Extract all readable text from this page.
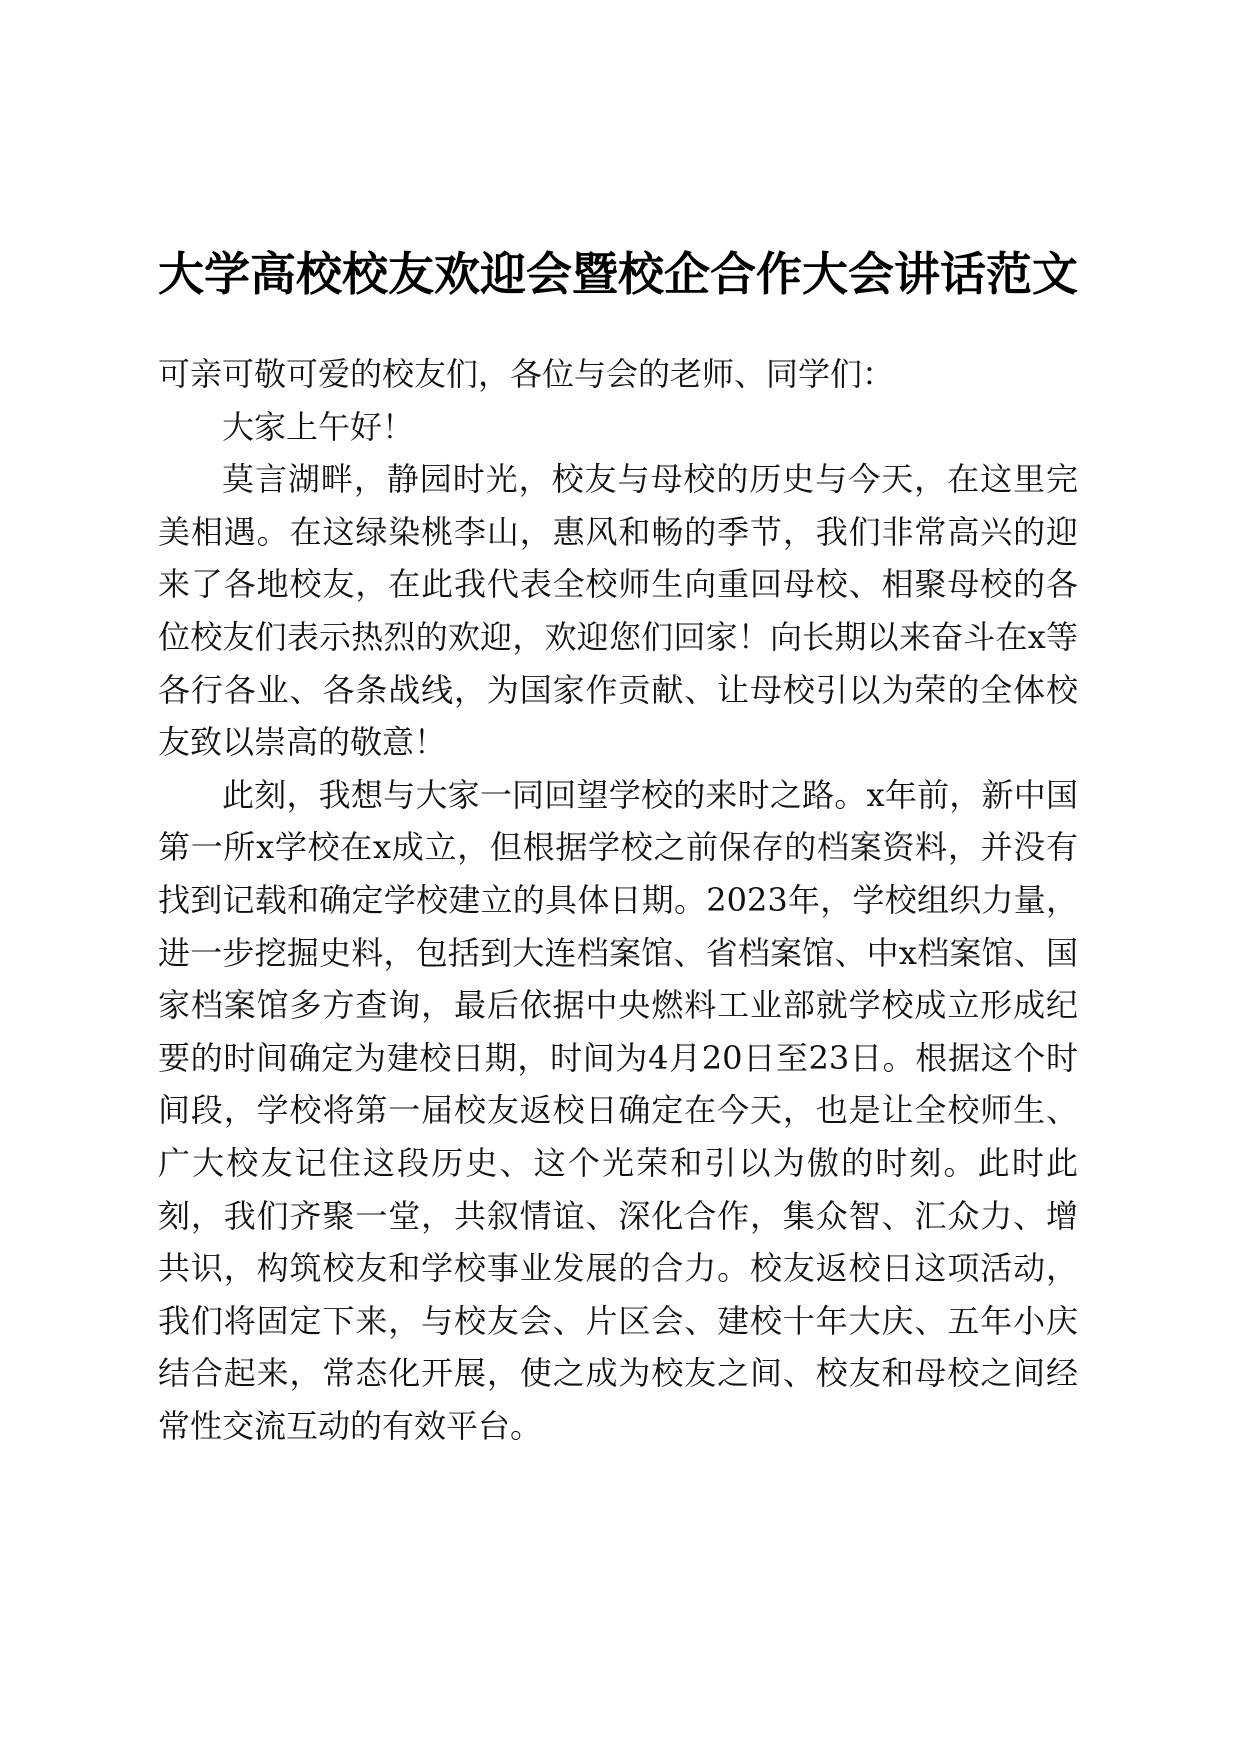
大学高校校友欢迎会暨校企合作大会讲话范文

可亲可敬可爱的校友们，各位与会的老师、同学们：

大家上午好！

莫言湖畔，静园时光，校友与母校的历史与今天，在这里完美相遇。在这绿染桃李山，惠风和畅的季节，我们非常高兴的迎来了各地校友，在此我代表全校师生向重回母校、相聚母校的各位校友们表示热烈的欢迎，欢迎您们回家！向长期以来奋斗在x等各行各业、各条战线，为国家作贡献、让母校引以为荣的全体校友致以崇高的敬意！

此刻，我想与大家一同回望学校的来时之路。x年前，新中国第一所x学校在x成立，但根据学校之前保存的档案资料，并没有找到记载和确定学校建立的具体日期。2023年，学校组织力量，进一步挖掘史料，包括到大连档案馆、省档案馆、中x档案馆、国家档案馆多方查询，最后依据中央燃料工业部就学校成立形成纪要的时间确定为建校日期，时间为4月20日至23日。根据这个时间段，学校将第一届校友返校日确定在今天，也是让全校师生、广大校友记住这段历史、这个光荣和引以为傲的时刻。此时此刻，我们齐聚一堂，共叙情谊、深化合作，集众智、汇众力、增共识，构筑校友和学校事业发展的合力。校友返校日这项活动，我们将固定下来，与校友会、片区会、建校十年大庆、五年小庆结合起来，常态化开展，使之成为校友之间、校友和母校之间经常性交流互动的有效平台。
